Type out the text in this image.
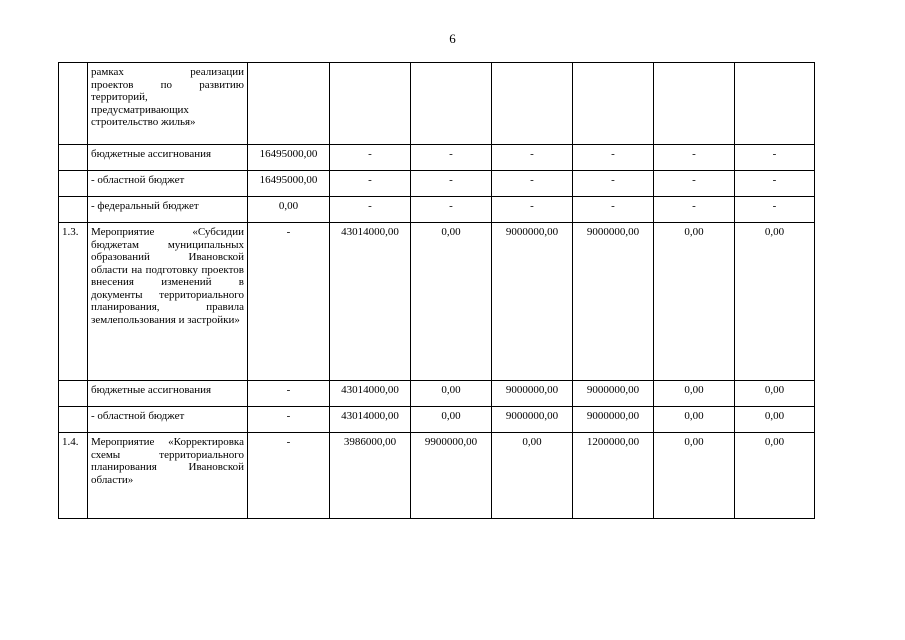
6

	рамках            реализации
проектов   по   развитию
территорий,
предусматривающих
строительство жилья»							

	бюджетные ассигнования	16495000,00	-	-	-	-	-	-
	- областной бюджет	16495000,00	-	-	-	-	-	-
	- федеральный бюджет	0,00	-	-	-	-	-	-
1.3.	Мероприятие «Субсидии бюджетам муниципальных образований Ивановской области на подготовку проектов внесения изменений в документы территориального планирования, правила землепользования и застройки»	-	43014000,00	0,00	9000000,00	9000000,00	0,00	0,00
	бюджетные ассигнования	-	43014000,00	0,00	9000000,00	9000000,00	0,00	0,00
	- областной бюджет	-	43014000,00	0,00	9000000,00	9000000,00	0,00	0,00
1.4.	Мероприятие «Корректировка схемы территориального планирования Ивановской области»	-	3986000,00	9900000,00	0,00	1200000,00	0,00	0,00
